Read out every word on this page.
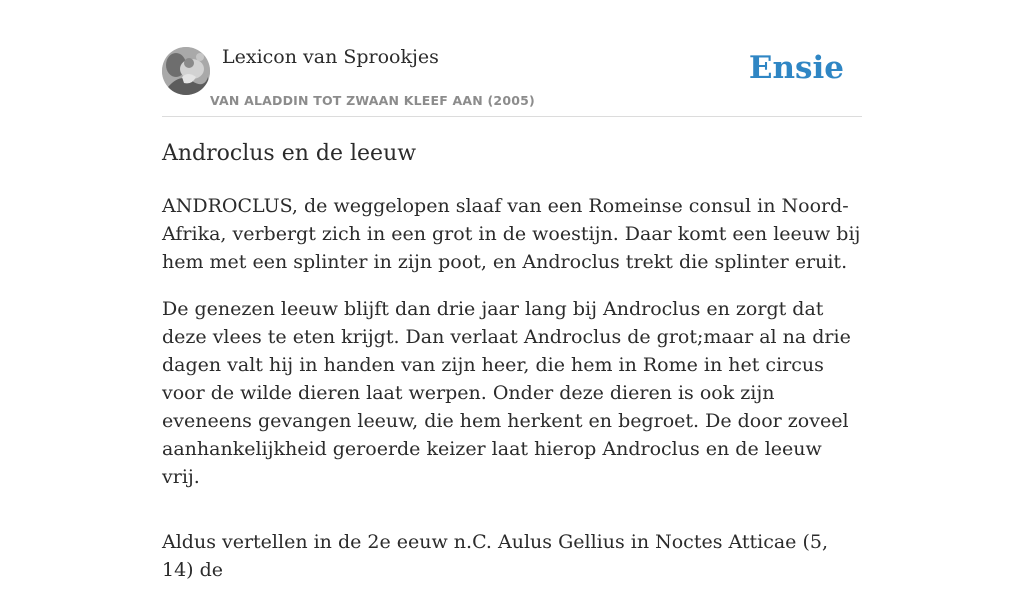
Lexicon van Sprookjes
VAN ALADDIN TOT ZWAAN KLEEF AAN (2005)
Ensie
Androclus en de leeuw

ANDROCLUS, de weggelopen slaaf van een Romeinse consul in Noord-Afrika, verbergt zich in een grot in de woestijn. Daar komt een leeuw bij hem met een splinter in zijn poot, en Androclus trekt die splinter eruit.

De genezen leeuw blijft dan drie jaar lang bij Androclus en zorgt dat deze vlees te eten krijgt. Dan verlaat Androclus de grot;maar al na drie dagen valt hij in handen van zijn heer, die hem in Rome in het circus voor de wilde dieren laat werpen. Onder deze dieren is ook zijn eveneens gevangen leeuw, die hem herkent en begroet. De door zoveel aanhankelijkheid geroerde keizer laat hierop Androclus en de leeuw vrij.

Aldus vertellen in de 2e eeuw n.C. Aulus Gellius in Noctes Atticae (5, 14) de
